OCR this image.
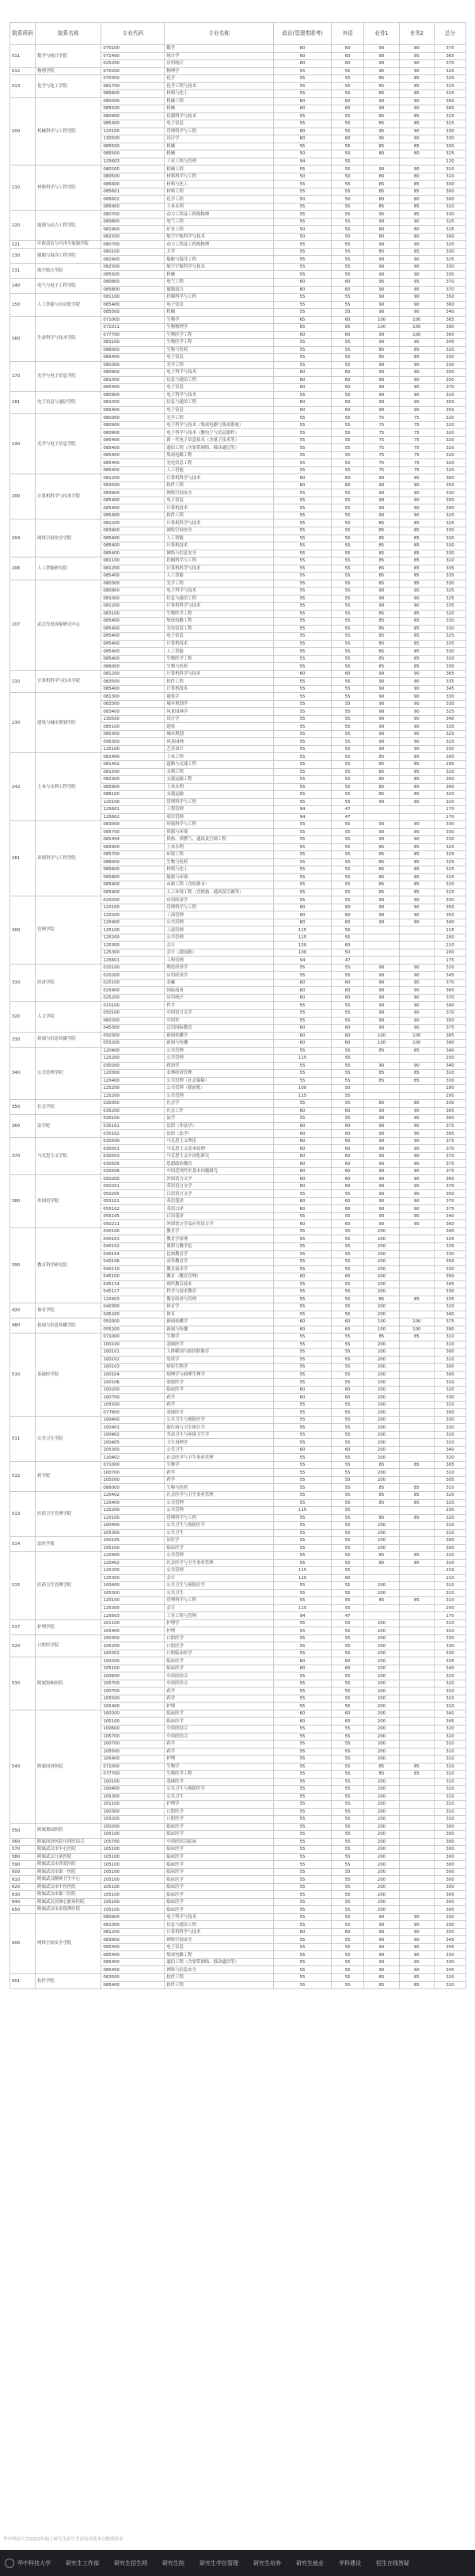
院系所码	院系名称	专业代码	专业名称	政治(管理类联考)	外语	业务1	业务2	总分
011	数学与统计学院	070100	数学	60	60	90	90	375
		071400	统计学	60	60	90	90	365
		025200	应用统计	60	60	90	90	370
012	物理学院	070200	物理学	55	55	95	90	325
013	化学与化工学院	070300	化学	55	55	85	85	320
		081700	化学工程与技术	55	55	85	85	315
		085600	材料与化工	55	55	85	85	315
100	机械科学与工程学院	080200	机械工程	60	60	90	90	360
		085500	机械	60	60	90	90	360
		080400	仪器科学与技术	55	55	85	85	315
		085400	电子信息	55	55	85	85	315
		120100	管理科学与工程	60	55	95	90	330
		130500	设计学	60	60	95	90	330
		085500	机械	55	55	85	85	300
		085500	机械	50	50	80	80	325
		125603	工业工程与管理	94	55			120
110	材料科学与工程学院	080200	机械工程	55	55	90	90	310
		080500	材料科学与工程	50	50	80	80	310
		085600	材料与化工	55	55	85	85	330
		085601	材料工程	55	55	85	85	300
		085602	化学工程	50	50	80	80	300
		085900	土木水利	55	55	85	85	310
120	能源与动力工程学院	080700	动力工程及工程热物理	55	55	95	85	330
		080800	电气工程	55	55	90	90	325
		081900	矿业工程	50	50	80	80	325
		082500	航空宇航科学与技术	50	50	80	80	300
121	中欧清洁与可再生能源学院	080700	动力工程及工程热物理	55	55	90	90	320
130	船舶与海洋工程学院	080100	力学	55	55	85	85	330
		082400	船舶与海洋工程	55	55	90	90	325
131	航空航天学院	082500	航空宇航科学与技术	55	55	90	90	330
		085500	机械	55	55	90	90	330
140	电气与电子工程学院	080800	电气工程	60	60	95	95	370
		085800	能源动力	60	60	90	95	370
150	人工智能与自动化学院	081100	控制科学与工程	55	55	90	90	350
		085400	电子信息	55	55	90	90	360
		085500	机械	55	55	90	90	340
160	生命科学与技术学院	071000	生物学	65	60	100	100	365
		071011	生物物理学	65	65	100	100	390
		077700	生物医学工程	60	60	90	100	360
		083100	生物医学工程	55	55	90	90	345
		086000	生物与医药	55	55	85	85	320
		085400	电子信息	55	55	85	85	330
170	光学与电子信息学院	080300	光学工程	55	55	90	90	330
		080900	电子科学与技术	60	60	90	90	350
		081000	信息与通信工程	60	60	90	90	350
		085400	电子信息	60	60	90	90	370
181	电子信息与通信学院	080900	电子科学与技术	55	55	90	90	320
		081000	信息与通信工程	60	60	90	90	350
		085400	电子信息	60	60	90	90	350
190	光学与电子信息学院	080300	光学工程	55	55	75	75	320
		080900	电子科学与技术（集成电路与集成系统）	55	55	75	75	320
		080900	电子科学与技术（微电子与信息器件）	55	55	75	75	320
		085400	新一代电子信息技术（含量子技术等）	55	55	75	75	320
		085400	通信工程（含宽带网络、移动通信等）	55	55	75	75	320
		085400	集成电路工程	55	55	75	75	320
		085400	光电信息工程	55	55	75	75	320
		085400	人工智能	55	55	75	75	320
200	计算机科学与技术学院	081200	计算机科学与技术	60	60	90	90	360
		083500	软件工程	60	60	90	90	350
		083900	网络空间安全	55	55	90	90	330
		085400	电子信息	55	55	90	90	350
		085400	计算机技术	55	55	90	90	340
		085400	软件工程	55	55	90	90	320
204	网络空间安全学院	081200	计算机科学与技术	55	55	85	85	325
		083900	网络空间安全	55	55	85	85	330
		085400	人工智能	55	55	85	85	320
		085400	计算机技术	55	55	85	85	330
		085400	网络与信息安全	55	55	85	85	330
206	人工智能研究院	081100	控制科学与工程	55	55	85	85	310
		081200	计算机科学与技术	55	55	85	85	335
		085400	人工智能	55	55	85	85	335
207	武汉光电国家研究中心	080300	光学工程	55	55	85	85	330
		080900	电子科学与技术	55	55	90	90	325
		081000	信息与通信工程	55	55	90	90	325
		081200	计算机科学与技术	55	55	90	90	335
		083100	生物医学工程	55	55	85	85	320
		085400	集成电路工程	55	55	85	85	330
		085400	光电信息工程	55	55	85	85	330
		085400	电子信息	55	55	85	85	325
		085400	计算机技术	55	55	85	85	335
		085400	人工智能	55	55	85	85	330
		085400	生物医学工程	55	55	85	85	320
		086000	生物与医药	55	55	85	85	330
210	计算机科学与技术学院	081200	计算机科学与技术	60	60	90	90	365
		083500	软件工程	55	55	90	90	335
		085400	计算机技术	55	55	90	90	345
230	建筑与城市规划学院	081300	建筑学	55	55	90	90	330
		083300	城乡规划学	55	55	90	90	330
		083400	风景园林学	55	55	90	90	325
		130500	设计学	55	55	90	90	340
		085100	建筑	55	55	90	90	335
		085300	城市规划	55	55	90	90	325
		095300	风景园林	55	55	90	90	325
		135100	艺术设计	55	55	90	90	330
242	土木与水利工程学院	081400	土木工程	55	55	85	85	300
		081402	道路与交通工程	55	55	85	85	295
		081500	水利工程	55	55	85	85	320
		082300	交通运输工程	55	55	85	85	300
		085900	土木水利	55	55	85	85	300
		086100	交通运输	55	55	85	85	320
		120100	管理科学与工程	55	55	90	90	320
		125601	工程管理	94	47			170
		125602	项目管理	94	47			170
261	环境科学与工程学院	083000	环境科学与工程	55	55	90	90	330
		085700	资源与环境	55	55	90	90	330
		081404	供热、供燃气、通风及空调工程	55	55	90	90	330
		085900	土木水利	55	55	85	85	325
		085700	环境工程	55	55	85	85	325
		086000	生物与医药	55	55	85	85	325
		085600	材料与化工	55	55	85	85	325
		085800	能源与环境	55	55	85	85	315
		085900	市政工程（含给排水）	55	55	85	85	320
		085900	人工环境工程（含供热、通风及空调等）	55	55	85	85	315
300	管理学院	020200	应用经济学	55	55	90	90	330
		120100	管理科学与工程	60	60	90	90	350
		120200	工商管理	60	60	90	90	350
		120400	公共管理	60	60	90	90	340
		125100	工商管理	115	55			215
		125200	公共管理	115	55			200
		125300	会计	120	60			210
		125300	会计（提前批）	100	50			200
		125601	工程管理	94	47			175
310	经济学院	020100	理论经济学	55	55	90	90	320
		020200	应用经济学	55	55	90	90	345
		025100	金融	60	60	90	90	370
		025400	国际商务	60	60	90	90	360
		025200	应用统计	60	60	90	90	370
320	人文学院	010100	哲学	55	55	90	90	340
		050100	中国语言文学	55	55	90	90	370
		060200	中国史	55	55	90	90	350
		045300	汉语国际教育	60	60	90	90	375
330	新闻与信息传播学院	050300	新闻传播学	60	60	100	100	385
		055200	新闻与传播	60	60	100	100	390
340	公共管理学院	120400	公共管理	55	55	85	85	340
		125200	公共管理	115	55			200
		030200	政治学	55	55	90	90	340
		120300	农林经济管理	55	55	85	85	310
		120400	公共管理（社会保障）	55	55	85	85	330
		125200	公共管理（提前批）	100	50			180
		125200	公共管理	115	55			200
350	社会学院	030300	社会学	55	55	85	85	330
		035200	社会工作	60	60	90	90	365
360	法学院	030100	法学	55	55	90	90	360
		035101	法律（非法学）	60	60	90	90	375
		035102	法律（法学）	60	60	90	90	365
370	马克思主义学院	030500	马克思主义理论	60	60	90	90	375
		030501	马克思主义基本原理	60	60	90	90	370
		030503	马克思主义中国化研究	60	60	90	90	370
		030505	思想政治教育	60	60	90	90	375
		030506	中国近现代史基本问题研究	60	60	90	90	375
380	外国语学院	050200	外国语言文学	60	60	90	90	360
		050201	英语语言文学	60	60	90	90	370
		050205	日语语言文学	55	55	90	90	350
		055101	英语笔译	60	60	90	90	370
		055102	英语口译	60	60	90	90	375
		055105	日语笔译	55	55	90	90	340
		050211	外国语言学及应用语言学	60	60	90	90	360
390	教育科学研究院	040100	教育学	55	55	200		340
		040101	教育学原理	55	55	200		335
		040102	课程与教学论	55	55	200		335
		040104	比较教育学	55	55	200		330
		040106	高等教育学	55	55	200		350
		040110	教育技术学	55	55	200		330
		045100	教育（教育管理）	60	60	200		350
		045114	现代教育技术	55	55	200		345
		045117	科学与技术教育	55	55	200		330
		120403	教育经济与管理	55	55	85	85	335
420	体育学院	040300	体育学	55	55	200		320
		045200	体育	55	55	200		340
480	新闻与信息传播学院	050300	新闻传播学	60	60	100	100	375
		055200	新闻与传播	60	60	100	100	390
510	基础医学院	071000	生物学	55	55	85	85	310
		100100	基础医学	55	55	200		310
		100101	人体解剖与组织胚胎学	55	55	200		300
		100102	免疫学	55	55	200		310
		100103	病原生物学	55	55	200		300
		100104	病理学与病理生理学	55	55	200		300
		100106	放射医学	55	55	200		310
		100200	临床医学	60	60	200		320
		100700	药学	60	60	200		330
		105500	药学	55	55	200		310
		077800	基础医学	55	55	200		300
511	公共卫生学院	100400	公共卫生与预防医学	55	55	200		330
		100401	流行病与卫生统计学	55	55	200		330
		100402	劳动卫生与环境卫生学	55	55	200		320
		100405	卫生毒理学	55	55	200		310
		105300	公共卫生	60	60	200		340
		120402	社会医学与卫生事业管理	55	55	200		320
512	药学院	071000	生物学	55	55	85	85	305
		100700	药学	55	55	200		310
		105500	药学	55	55	200		305
		086000	生物与医药	55	55	85	85	310
513	医药卫生管理学院	120402	社会医学与卫生事业管理	55	55	85	85	320
		120400	公共管理	55	55	85	85	320
		125200	公共管理	115	55			200
		120100	管理科学与工程	55	55	85	85	320
		100400	公共卫生与预防医学	55	55	200		310
		105300	公共卫生	55	55	200		310
514	法医学系	100105	法医学	55	55	200		300
		105100	临床医学	55	55	200		300
515	医药卫生管理学院	120400	公共管理	55	55	85	85	320
		120402	社会医学与卫生事业管理	55	55	85	85	320
		125200	公共管理	115	55			210
		125300	会计	120	60			210
		100400	公共卫生与预防医学	55	55	200		310
		105300	公共卫生	55	55	200		310
		120100	管理科学与工程	55	55	85	85	310
		125300	会计	115	55			200
		125603	工业工程与管理	94	47			170
517	护理学院	101100	护理学	55	55	200		310
		105400	护理	55	55	200		310
520	口腔医学院	100300	口腔医学	55	55	200		330
		105200	口腔医学	55	55	200		330
		100302	口腔临床医学	55	55	200		330
530	附属协和医院	100200	临床医学	60	60	200		335
		105100	临床医学	60	60	200		340
		100600	中西医结合	55	55	200		320
		105700	中西医结合	55	55	200		320
		100700	药学	55	55	200		310
		105500	药学	55	55	200		310
		105400	护理	55	55	200		310
540	附属同济医院	100200	临床医学	60	60	200		340
		105100	临床医学	60	60	200		345
		100600	中西医结合	55	55	200		320
		105700	中西医结合	55	55	200		320
		100700	药学	55	55	200		310
		105500	药学	55	55	200		310
		105400	护理	55	55	200		310
		071000	生物学	55	55	85	85	310
		077700	生物医学工程	55	55	85	85	310
		100100	基础医学	55	55	200		310
		100400	公共卫生与预防医学	55	55	200		310
		105300	公共卫生	55	55	200		310
		101100	护理学	55	55	200		310
		100300	口腔医学	55	55	200		310
		105200	口腔医学	55	55	200		310
550	附属梨园医院	100200	临床医学	55	55	200		300
		105100	临床医学	55	55	200		300
560	附属同济医院中西医结合	105700	中西医结合临床	55	55	200		300
570	附属武汉市中心医院	105100	临床医学	55	55	200		300
580	附属武汉儿童医院	105100	临床医学	55	55	200		300
590	附属武汉市普爱医院	105100	临床医学	55	55	200		300
600	附属武汉市第一医院	105100	临床医学	55	55	200		300
610	附属武汉精神卫生中心	105100	临床医学	55	55	200		300
620	附属武汉市中医医院	105100	临床医学	55	55	200		300
630	附属武汉市第三医院	105100	临床医学	55	55	200		300
640	附属武汉亚洲心脏病医院	105100	临床医学	55	55	200		300
650	附属武汉市金银潭医院	105100	临床医学	55	55	200		300
900	网络空间安全学院	080900	电子科学与技术	55	55	90	90	330
		081000	信息与通信工程	55	55	90	90	330
		081200	计算机科学与技术	60	60	90	90	350
		083900	网络空间安全	55	55	90	90	345
		085400	电子信息	55	55	90	90	345
		085400	集成电路工程	55	55	90	90	330
		085400	通信工程（含宽带网络、移动通信等）	55	55	90	90	330
		085400	网络与信息安全	55	55	90	90	345
901	软件学院	083500	软件工程	55	55	85	85	320
		085400	软件工程	55	55	85	85	320
华中科技大学2022年硕士研究生招生考试复试基本分数线要求
华中科技大学	研究生工作部	研究生招生网	研究生院	研究生学位管理	研究生培养	研究生就业	学科建设	招生在线答疑
